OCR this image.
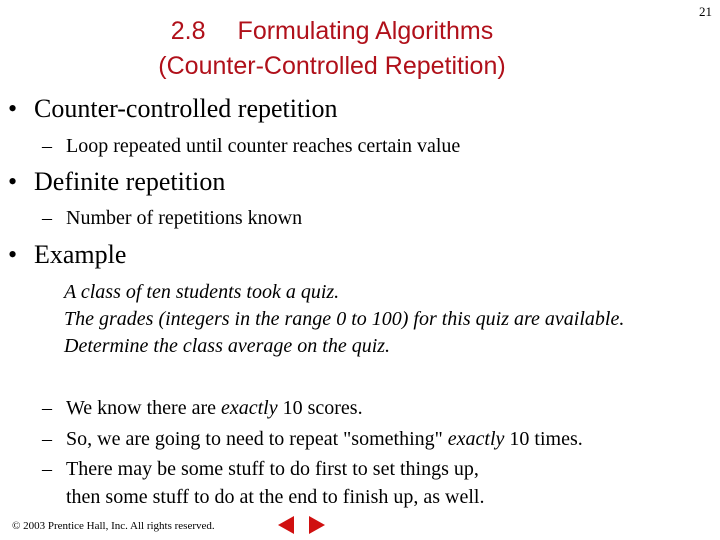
21
2.8 Formulating Algorithms
(Counter-Controlled Repetition)
• Counter-controlled repetition
– Loop repeated until counter reaches certain value
• Definite repetition
– Number of repetitions known
• Example
A class of ten students took a quiz.
The grades (integers in the range 0 to 100) for this quiz are available.
Determine the class average on the quiz.
– We know there are exactly 10 scores.
– So, we are going to need to repeat "something" exactly 10 times.
– There may be some stuff to do first to set things up,
then some stuff to do at the end to finish up, as well.
© 2003 Prentice Hall, Inc. All rights reserved.
